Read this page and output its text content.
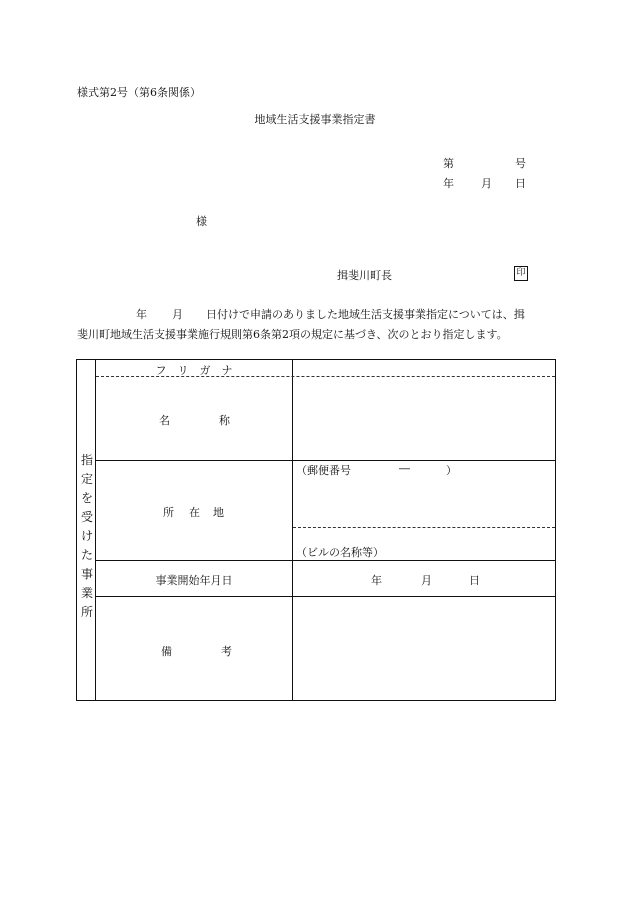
様式第2号（第6条関係）
地域生活支援事業指定書
第	号
年 月 日
様
揖斐川町長	印
年 月 日付けで申請のありました地域生活支援事業指定については、揖
斐川町地域生活支援事業施行規則第6条第2項の規定に基づき、次のとおり指定します。
指
定
を
受
け
た
事
業
所
フ　リ　ガ　ナ
名	称
所 在 地
（郵便番号	―	）
（ビルの名称等）
事業開始年月日	年	月	日
備	考
